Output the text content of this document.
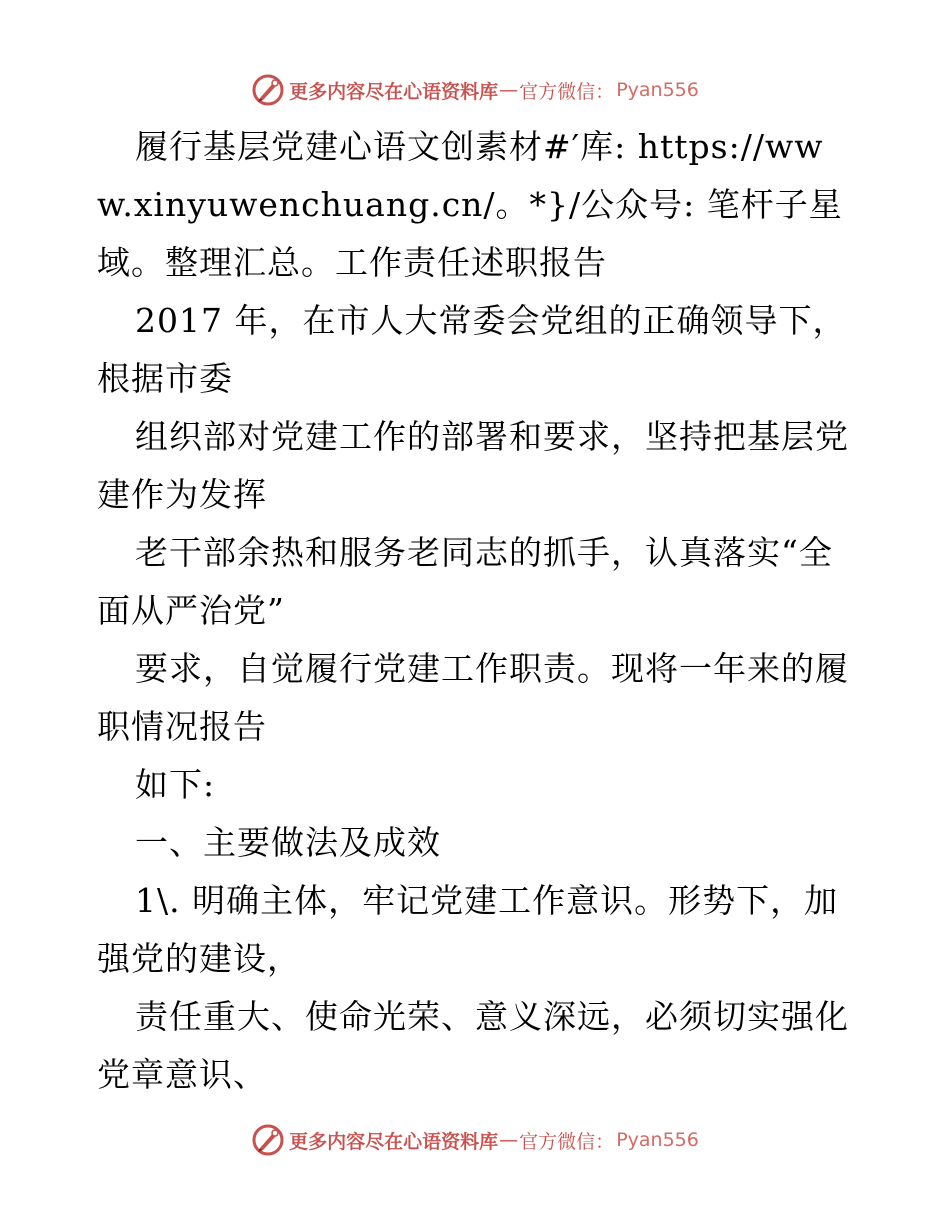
更多内容尽在心语资料库 — 官方微信： Pyan556

履行基层党建心语文创素材#′库: https://www.xinyuwenchuang.cn/。*}/公众号: 笔杆子星域。整理汇总。工作责任述职报告

2017 年，在市人大常委会党组的正确领导下，根据市委

组织部对党建工作的部署和要求，坚持把基层党建作为发挥

老干部余热和服务老同志的抓手，认真落实“全面从严治党”

要求，自觉履行党建工作职责。现将一年来的履职情况报告

如下:

一、主要做法及成效

1\. 明确主体，牢记党建工作意识。形势下，加强党的建设，

责任重大、使命光荣、意义深远，必须切实强化党章意识、

更多内容尽在心语资料库 — 官方微信： Pyan556
